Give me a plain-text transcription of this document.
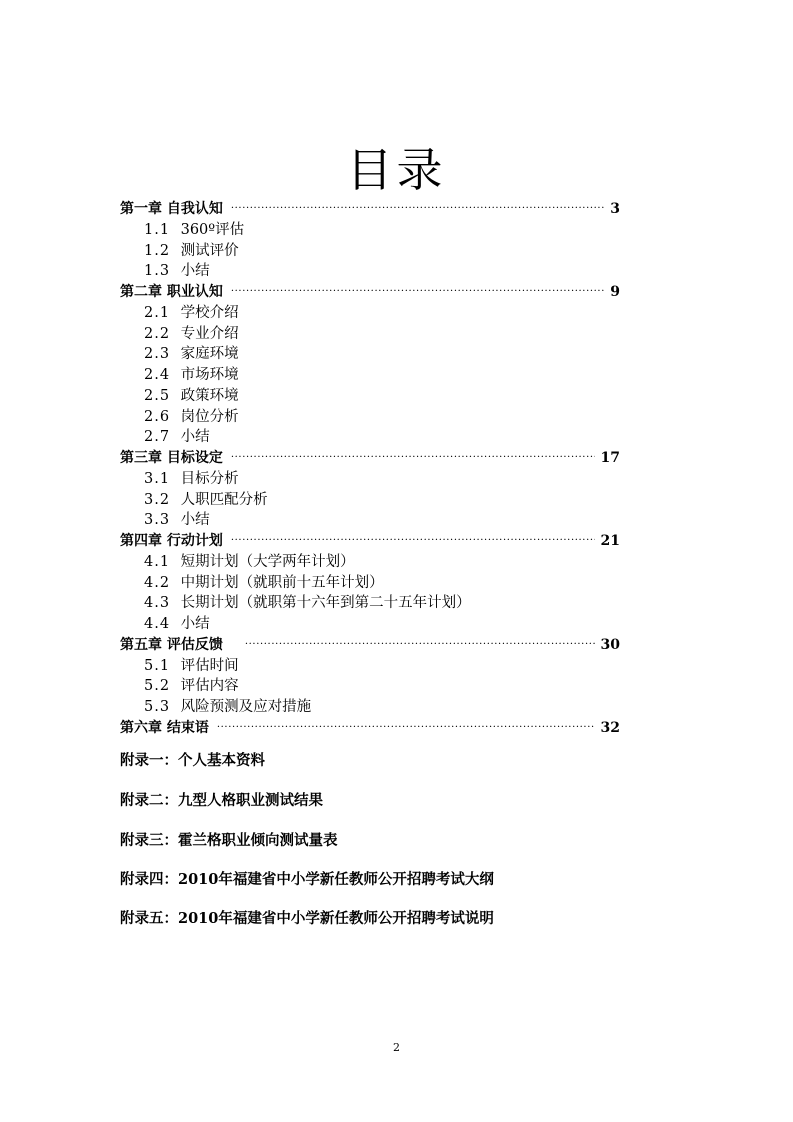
目录
第一章 自我认知 ·····	3
1.1 360º评估
1.2 测试评价
1.3 小结
第二章 职业认知 ·····	9
2.1 学校介绍
2.2 专业介绍
2.3 家庭环境
2.4 市场环境
2.5 政策环境
2.6 岗位分析
2.7 小结
第三章 目标设定 ·····	17
3.1 目标分析
3.2 人职匹配分析
3.3 小结
第四章 行动计划 ·····	21
4.1 短期计划（大学两年计划）
4.2 中期计划（就职前十五年计划）
4.3 长期计划（就职第十六年到第二十五年计划）
4.4 小结
第五章 评估反馈 ·····	30
5.1 评估时间
5.2 评估内容
5.3 风险预测及应对措施
第六章 结束语 ·····	32
附录一：个人基本资料
附录二：九型人格职业测试结果
附录三：霍兰格职业倾向测试量表
附录四：2010年福建省中小学新任教师公开招聘考试大纲
附录五：2010年福建省中小学新任教师公开招聘考试说明
2
